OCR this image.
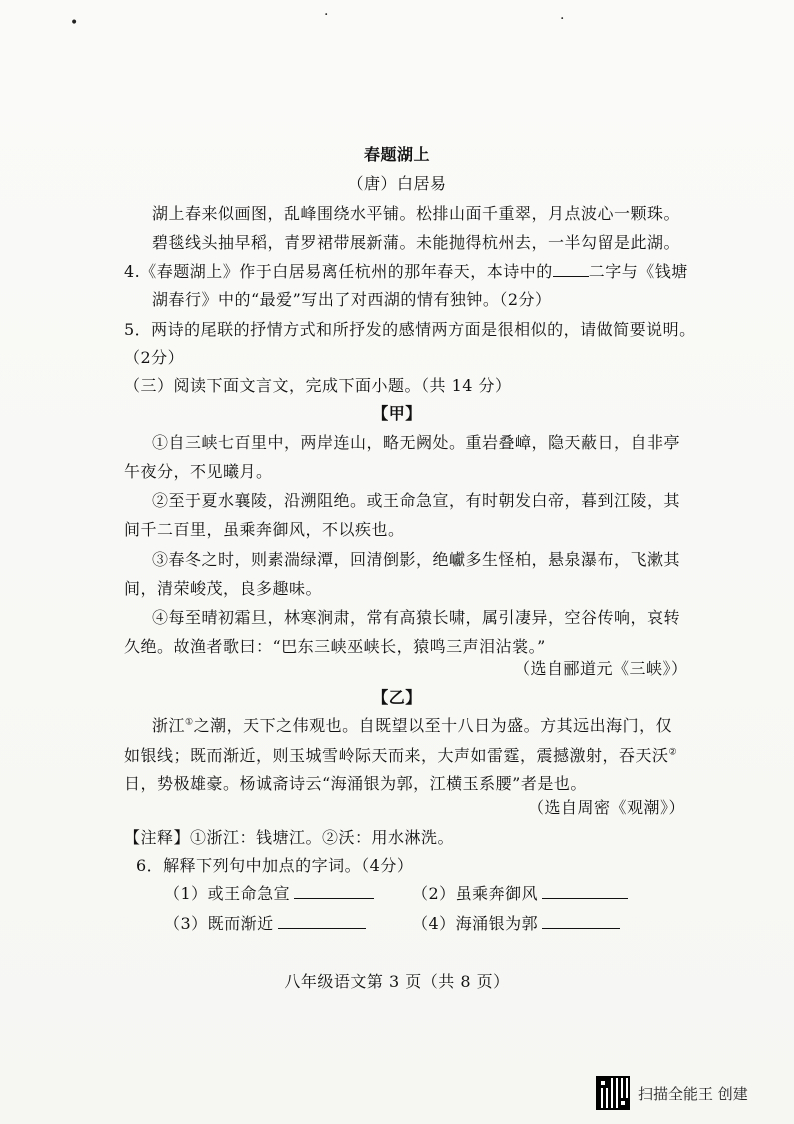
•	·	·
春题湖上
（唐）白居易
湖上春来似画图，乱峰围绕水平铺。松排山面千重翠，月点波心一颗珠。
碧毯线头抽早稻，青罗裙带展新蒲。未能抛得杭州去，一半勾留是此湖。
4.《春题湖上》作于白居易离任杭州的那年春天，本诗中的 二字与《钱塘
湖春行》中的“最爱”写出了对西湖的情有独钟。（2分）
5．两诗的尾联的抒情方式和所抒发的感情两方面是很相似的，请做简要说明。
（2分）
（三）阅读下面文言文，完成下面小题。（共 14 分）
【甲】
①自三峡七百里中，两岸连山，略无阙处。重岩叠嶂，隐天蔽日，自非亭
午夜分，不见曦月。
②至于夏水襄陵，沿溯阻绝。或王命急宣，有时朝发白帝，暮到江陵，其
间千二百里，虽乘奔御风，不以疾也。
③春冬之时，则素湍绿潭，回清倒影，绝巘多生怪柏，悬泉瀑布，飞漱其
间，清荣峻茂，良多趣味。
④每至晴初霜旦，林寒涧肃，常有高猿长啸，属引凄异，空谷传响，哀转
久绝。故渔者歌曰：“巴东三峡巫峡长，猿鸣三声泪沾裳。”
（选自郦道元《三峡》）
【乙】
浙江①之潮，天下之伟观也。自既望以至十八日为盛。方其远出海门，仅
如银线；既而渐近，则玉城雪岭际天而来，大声如雷霆，震撼激射，吞天沃②
日，势极雄豪。杨诚斋诗云“海涌银为郭，江横玉系腰”者是也。
（选自周密《观潮》）
【注释】①浙江：钱塘江。②沃：用水淋洗。
6．解释下列句中加点的字词。（4分）
（1）或王命急宣	（2）虽乘奔御风
（3）既而渐近	（4）海涌银为郭
八年级语文第 3 页（共 8 页）
扫描全能王 创建
